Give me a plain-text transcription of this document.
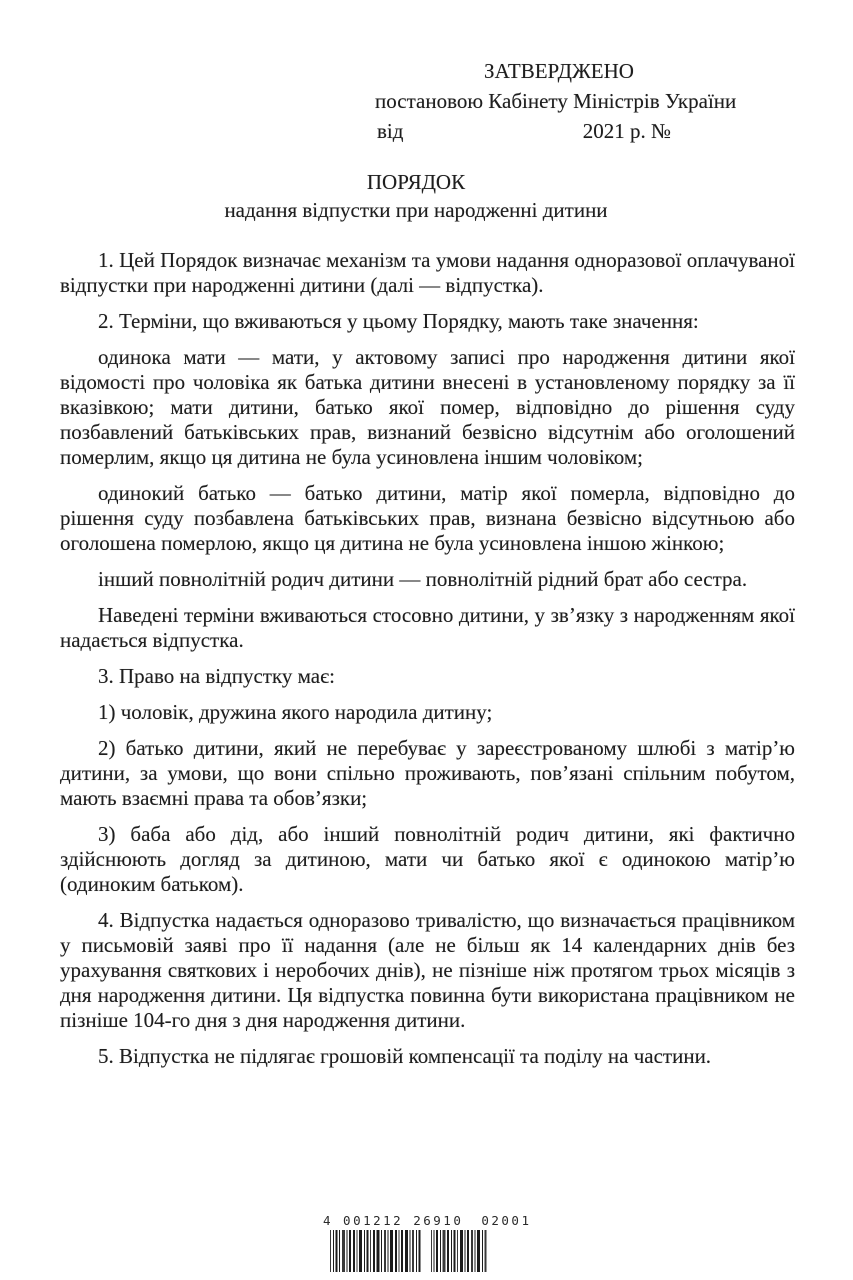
ЗАТВЕРДЖЕНО
постановою Кабінету Міністрів України
від	2021 р. №
ПОРЯДОК
надання відпустки при народженні дитини

1. Цей Порядок визначає механізм та умови надання одноразової оплачуваної відпустки при народженні дитини (далі — відпустка).

2. Терміни, що вживаються у цьому Порядку, мають таке значення:

одинока мати — мати, у актовому записі про народження дитини якої відомості про чоловіка як батька дитини внесені в установленому порядку за її вказівкою; мати дитини, батько якої помер, відповідно до рішення суду позбавлений батьківських прав, визнаний безвісно відсутнім або оголошений померлим, якщо ця дитина не була усиновлена іншим чоловіком;

одинокий батько — батько дитини, матір якої померла, відповідно до рішення суду позбавлена батьківських прав, визнана безвісно відсутньою або оголошена померлою, якщо ця дитина не була усиновлена іншою жінкою;

інший повнолітній родич дитини — повнолітній рідний брат або сестра.

Наведені терміни вживаються стосовно дитини, у зв’язку з народженням якої надається відпустка.

3. Право на відпустку має:

1) чоловік, дружина якого народила дитину;

2) батько дитини, який не перебуває у зареєстрованому шлюбі з матір’ю дитини, за умови, що вони спільно проживають, пов’язані спільним побутом, мають взаємні права та обов’язки;

3) баба або дід, або інший повнолітній родич дитини, які фактично здійснюють догляд за дитиною, мати чи батько якої є одинокою матір’ю (одиноким батьком).

4. Відпустка надається одноразово тривалістю, що визначається працівником у письмовій заяві про її надання (але не більш як 14 календарних днів без урахування святкових і неробочих днів), не пізніше ніж протягом трьох місяців з дня народження дитини. Ця відпустка повинна бути використана працівником не пізніше 104-го дня з дня народження дитини.

5. Відпустка не підлягає грошовій компенсації та поділу на частини.

4 001212 26910 02001
